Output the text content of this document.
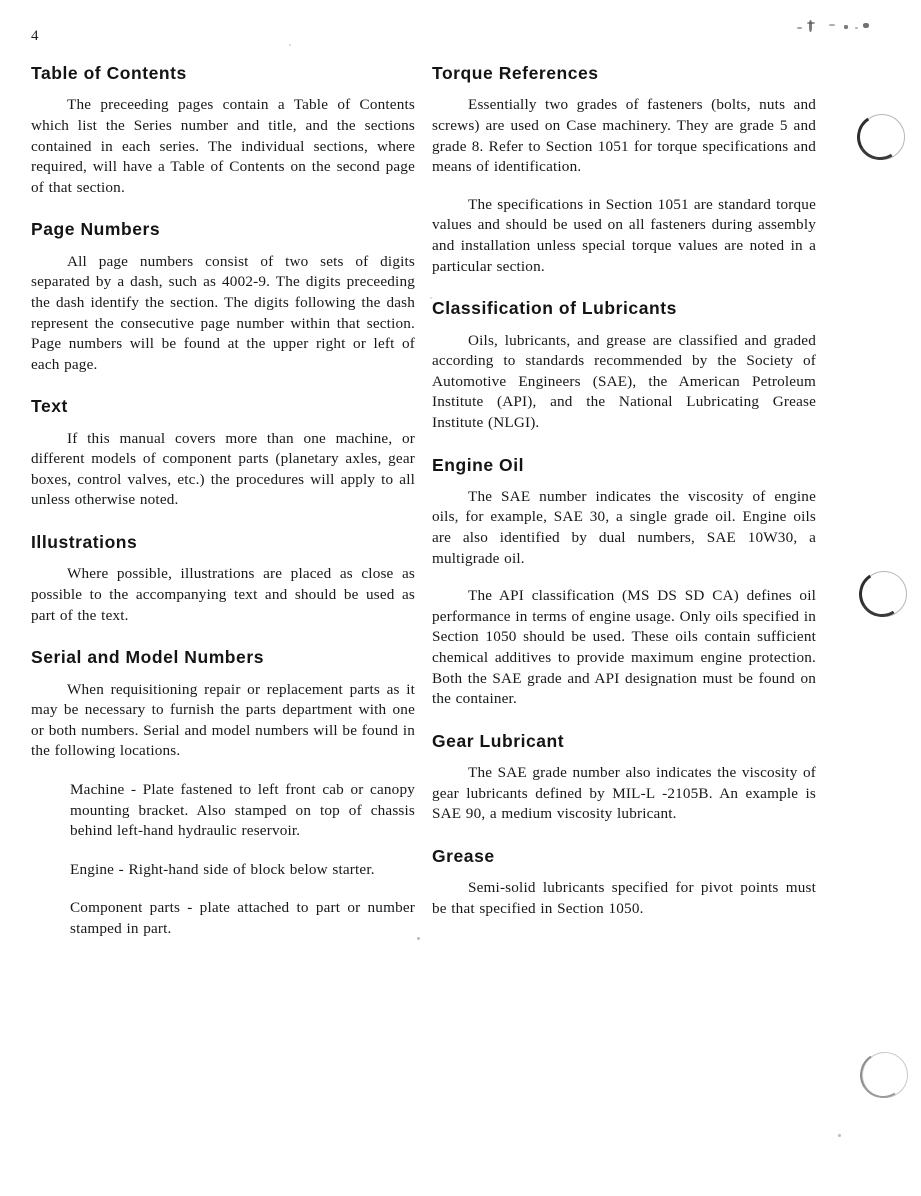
4
Table of Contents

The preceeding pages contain a Table of Contents which list the Series number and title, and the sections contained in each series. The individual sections, where required, will have a Table of Contents on the second page of that section.

Page Numbers

All page numbers consist of two sets of digits separated by a dash, such as 4002-9. The digits preceeding the dash identify the section. The digits following the dash represent the consecutive page number within that section. Page numbers will be found at the upper right or left of each page.

Text

If this manual covers more than one machine, or different models of component parts (planetary axles, gear boxes, control valves, etc.) the procedures will apply to all unless otherwise noted.

Illustrations

Where possible, illustrations are placed as close as possible to the accompanying text and should be used as part of the text.

Serial and Model Numbers

When requisitioning repair or replacement parts as it may be necessary to furnish the parts department with one or both numbers. Serial and model numbers will be found in the following locations.

Machine - Plate fastened to left front cab or canopy mounting bracket. Also stamped on top of chassis behind left-hand hydraulic reservoir.

Engine - Right-hand side of block below starter.

Component parts - plate attached to part or number stamped in part.

Torque References

Essentially two grades of fasteners (bolts, nuts and screws) are used on Case machinery. They are grade 5 and grade 8. Refer to Section 1051 for torque specifications and means of identification.

The specifications in Section 1051 are standard torque values and should be used on all fasteners during assembly and installation unless special torque values are noted in a particular section.

Classification of Lubricants

Oils, lubricants, and grease are classified and graded according to standards recommended by the Society of Automotive Engineers (SAE), the American Petroleum Institute (API), and the National Lubricating Grease Institute (NLGI).

Engine Oil

The SAE number indicates the viscosity of engine oils, for example, SAE 30, a single grade oil. Engine oils are also identified by dual numbers, SAE 10W30, a multigrade oil.

The API classification (MS DS SD CA) defines oil performance in terms of engine usage. Only oils specified in Section 1050 should be used. These oils contain sufficient chemical additives to provide maximum engine protection. Both the SAE grade and API designation must be found on the container.

Gear Lubricant

The SAE grade number also indicates the viscosity of gear lubricants defined by MIL-L -2105B. An example is SAE 90, a medium viscosity lubricant.

Grease

Semi-solid lubricants specified for pivot points must be that specified in Section 1050.
